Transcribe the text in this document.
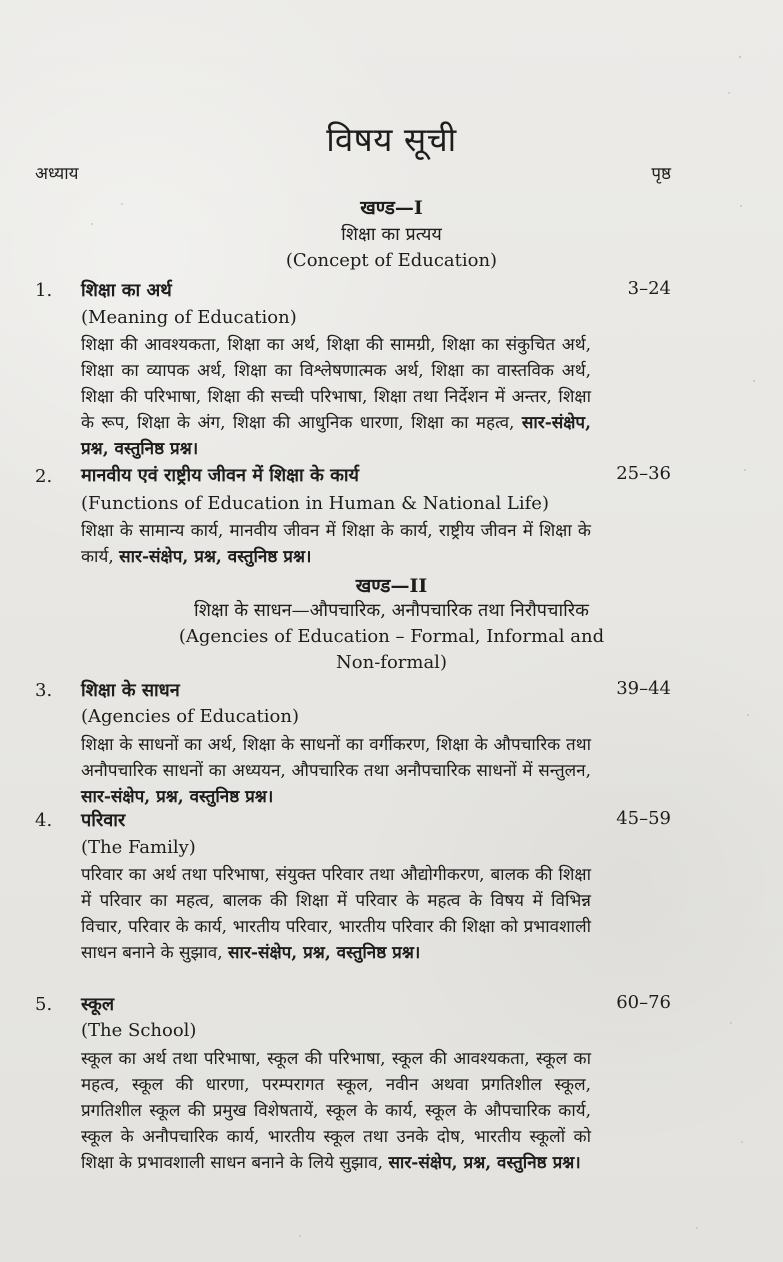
विषय सूची
अध्याय	पृष्ठ
खण्ड—I
शिक्षा का प्रत्यय
(Concept of Education)
1. शिक्षा का अर्थ	3–24
(Meaning of Education)
शिक्षा की आवश्यकता, शिक्षा का अर्थ, शिक्षा की सामग्री, शिक्षा का संकुचित अर्थ, शिक्षा का व्यापक अर्थ, शिक्षा का विश्लेषणात्मक अर्थ, शिक्षा का वास्तविक अर्थ, शिक्षा की परिभाषा, शिक्षा की सच्ची परिभाषा, शिक्षा तथा निर्देशन में अन्तर, शिक्षा के रूप, शिक्षा के अंग, शिक्षा की आधुनिक धारणा, शिक्षा का महत्व, सार-संक्षेप, प्रश्न, वस्तुनिष्ठ प्रश्न।
2. मानवीय एवं राष्ट्रीय जीवन में शिक्षा के कार्य	25–36
(Functions of Education in Human & National Life)
शिक्षा के सामान्य कार्य, मानवीय जीवन में शिक्षा के कार्य, राष्ट्रीय जीवन में शिक्षा के कार्य, सार-संक्षेप, प्रश्न, वस्तुनिष्ठ प्रश्न।
खण्ड—II
शिक्षा के साधन—औपचारिक, अनौपचारिक तथा निरौपचारिक
(Agencies of Education – Formal, Informal and
Non-formal)
3. शिक्षा के साधन	39–44
(Agencies of Education)
शिक्षा के साधनों का अर्थ, शिक्षा के साधनों का वर्गीकरण, शिक्षा के औपचारिक तथा अनौपचारिक साधनों का अध्ययन, औपचारिक तथा अनौपचारिक साधनों में सन्तुलन, सार-संक्षेप, प्रश्न, वस्तुनिष्ठ प्रश्न।
4. परिवार	45–59
(The Family)
परिवार का अर्थ तथा परिभाषा, संयुक्त परिवार तथा औद्योगीकरण, बालक की शिक्षा में परिवार का महत्व, बालक की शिक्षा में परिवार के महत्व के विषय में विभिन्न विचार, परिवार के कार्य, भारतीय परिवार, भारतीय परिवार की शिक्षा को प्रभावशाली साधन बनाने के सुझाव, सार-संक्षेप, प्रश्न, वस्तुनिष्ठ प्रश्न।
5. स्कूल	60–76
(The School)
स्कूल का अर्थ तथा परिभाषा, स्कूल की परिभाषा, स्कूल की आवश्यकता, स्कूल का महत्व, स्कूल की धारणा, परम्परागत स्कूल, नवीन अथवा प्रगतिशील स्कूल, प्रगतिशील स्कूल की प्रमुख विशेषतायें, स्कूल के कार्य, स्कूल के औपचारिक कार्य, स्कूल के अनौपचारिक कार्य, भारतीय स्कूल तथा उनके दोष, भारतीय स्कूलों को शिक्षा के प्रभावशाली साधन बनाने के लिये सुझाव, सार-संक्षेप, प्रश्न, वस्तुनिष्ठ प्रश्न।
